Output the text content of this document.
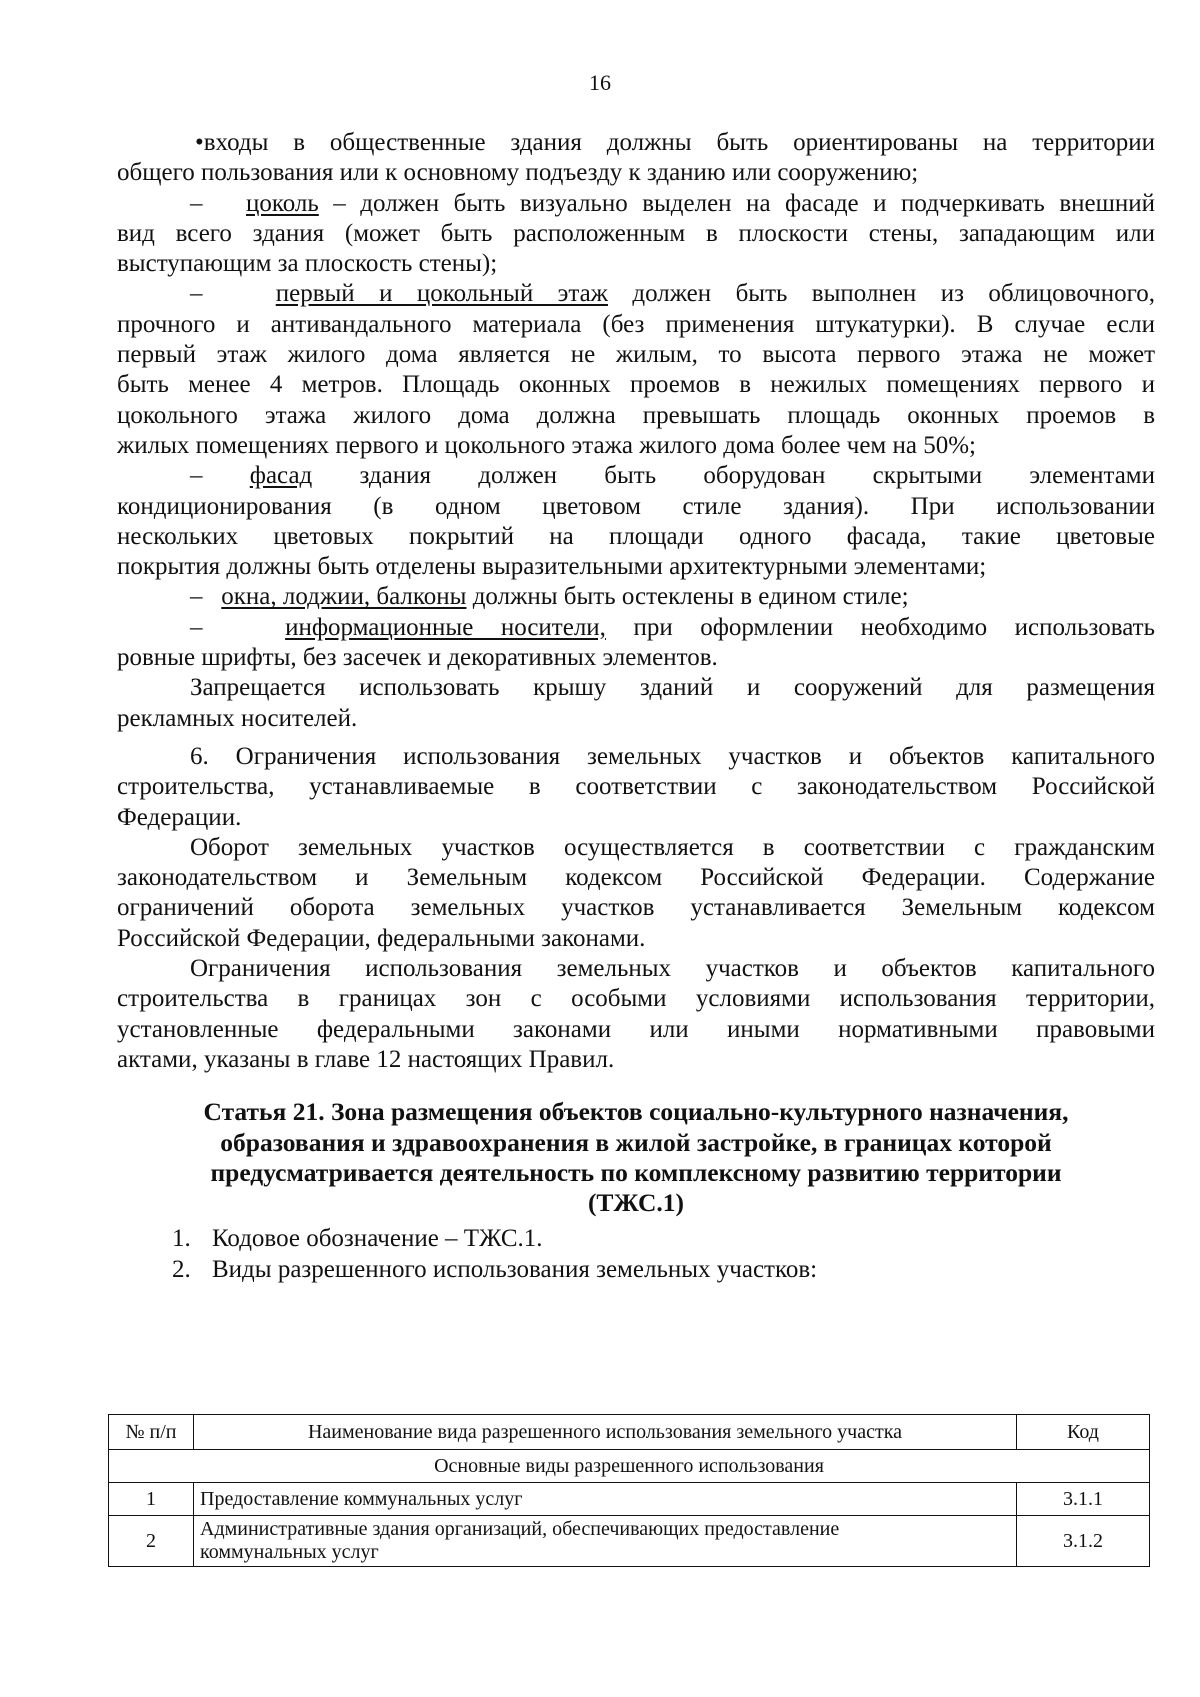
16
•входы в общественные здания должны быть ориентированы на территории
общего пользования или к основному подъезду к зданию или сооружению;
–   цоколь – должен быть визуально выделен на фасаде и подчеркивать внешний
вид всего здания (может быть расположенным в плоскости стены, западающим или
выступающим за плоскость стены);
–   первый и цокольный этаж должен быть выполнен из облицовочного,
прочного и антивандального материала (без применения штукатурки). В случае если
первый этаж жилого дома является не жилым, то высота первого этажа не может
быть менее 4 метров. Площадь оконных проемов в нежилых помещениях первого и
цокольного этажа жилого дома должна превышать площадь оконных проемов в
жилых помещениях первого и цокольного этажа жилого дома более чем на 50%;
– фасад здания должен быть оборудован скрытыми элементами
кондиционирования (в одном цветовом стиле здания). При использовании
нескольких цветовых покрытий на площади одного фасада, такие цветовые
покрытия должны быть отделены выразительными архитектурными элементами;
–   окна, лоджии, балконы должны быть остеклены в едином стиле;
–   информационные носители, при оформлении необходимо использовать
ровные шрифты, без засечек и декоративных элементов.
Запрещается использовать крышу зданий и сооружений для размещения
рекламных носителей.
6. Ограничения использования земельных участков и объектов капитального
строительства, устанавливаемые в соответствии с законодательством Российской
Федерации.
Оборот земельных участков осуществляется в соответствии с гражданским
законодательством и Земельным кодексом Российской Федерации. Содержание
ограничений оборота земельных участков устанавливается Земельным кодексом
Российской Федерации, федеральными законами.
Ограничения использования земельных участков и объектов капитального
строительства в границах зон с особыми условиями использования территории,
установленные федеральными законами или иными нормативными правовыми
актами, указаны в главе 12 настоящих Правил.
Статья 21. Зона размещения объектов социально-культурного назначения,
образования и здравоохранения в жилой застройке, в границах которой
предусматривается деятельность по комплексному развитию территории
(ТЖС.1)
1. Кодовое обозначение – ТЖС.1.
2. Виды разрешенного использования земельных участков:
№ п/п	Наименование вида разрешенного использования земельного участка	Код
Основные виды разрешенного использования		
1	Предоставление коммунальных услуг	3.1.1
2	Административные здания организаций, обеспечивающих предоставление
коммунальных услуг	3.1.2
